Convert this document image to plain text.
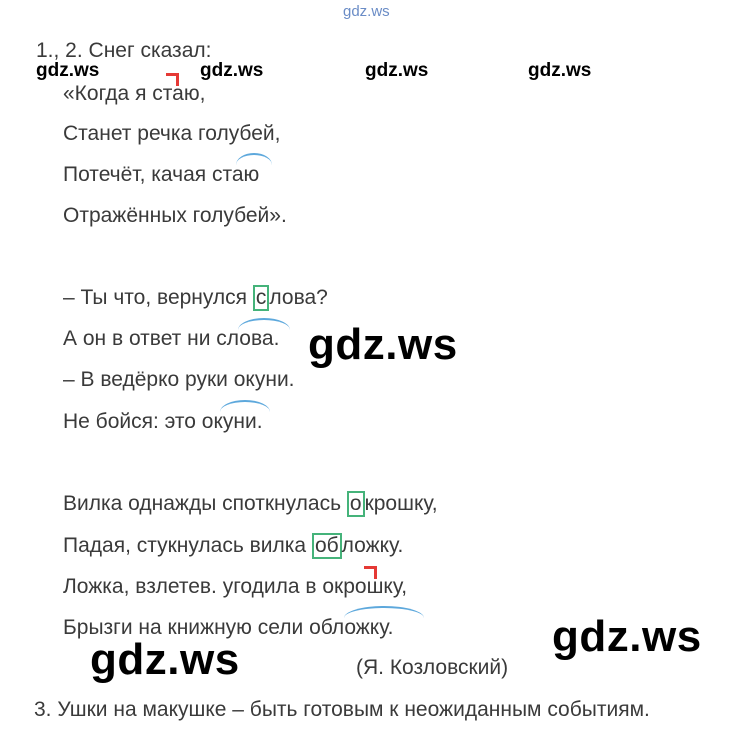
gdz.ws
1., 2. Снег сказал:
gdz.ws	gdz.ws	gdz.ws	gdz.ws
«Когда я стаю,
Станет речка голубей,
Потечёт, качая стаю
Отражённых голубей».
– Ты что, вернулся с лова?
А он в ответ ни слова. gdz.ws
– В ведёрко руки окуни.
Не бойся: это окуни.
Вилка однажды споткнулась о крошку,
Падая, стукнулась вилка об ложку.
Ложка, взлетев. угодила в окрошку,
Брызги на книжную сели обложку.	gdz.ws
gdz.ws	(Я. Козловский)
3. Ушки на макушке – быть готовым к неожиданным событиям.
